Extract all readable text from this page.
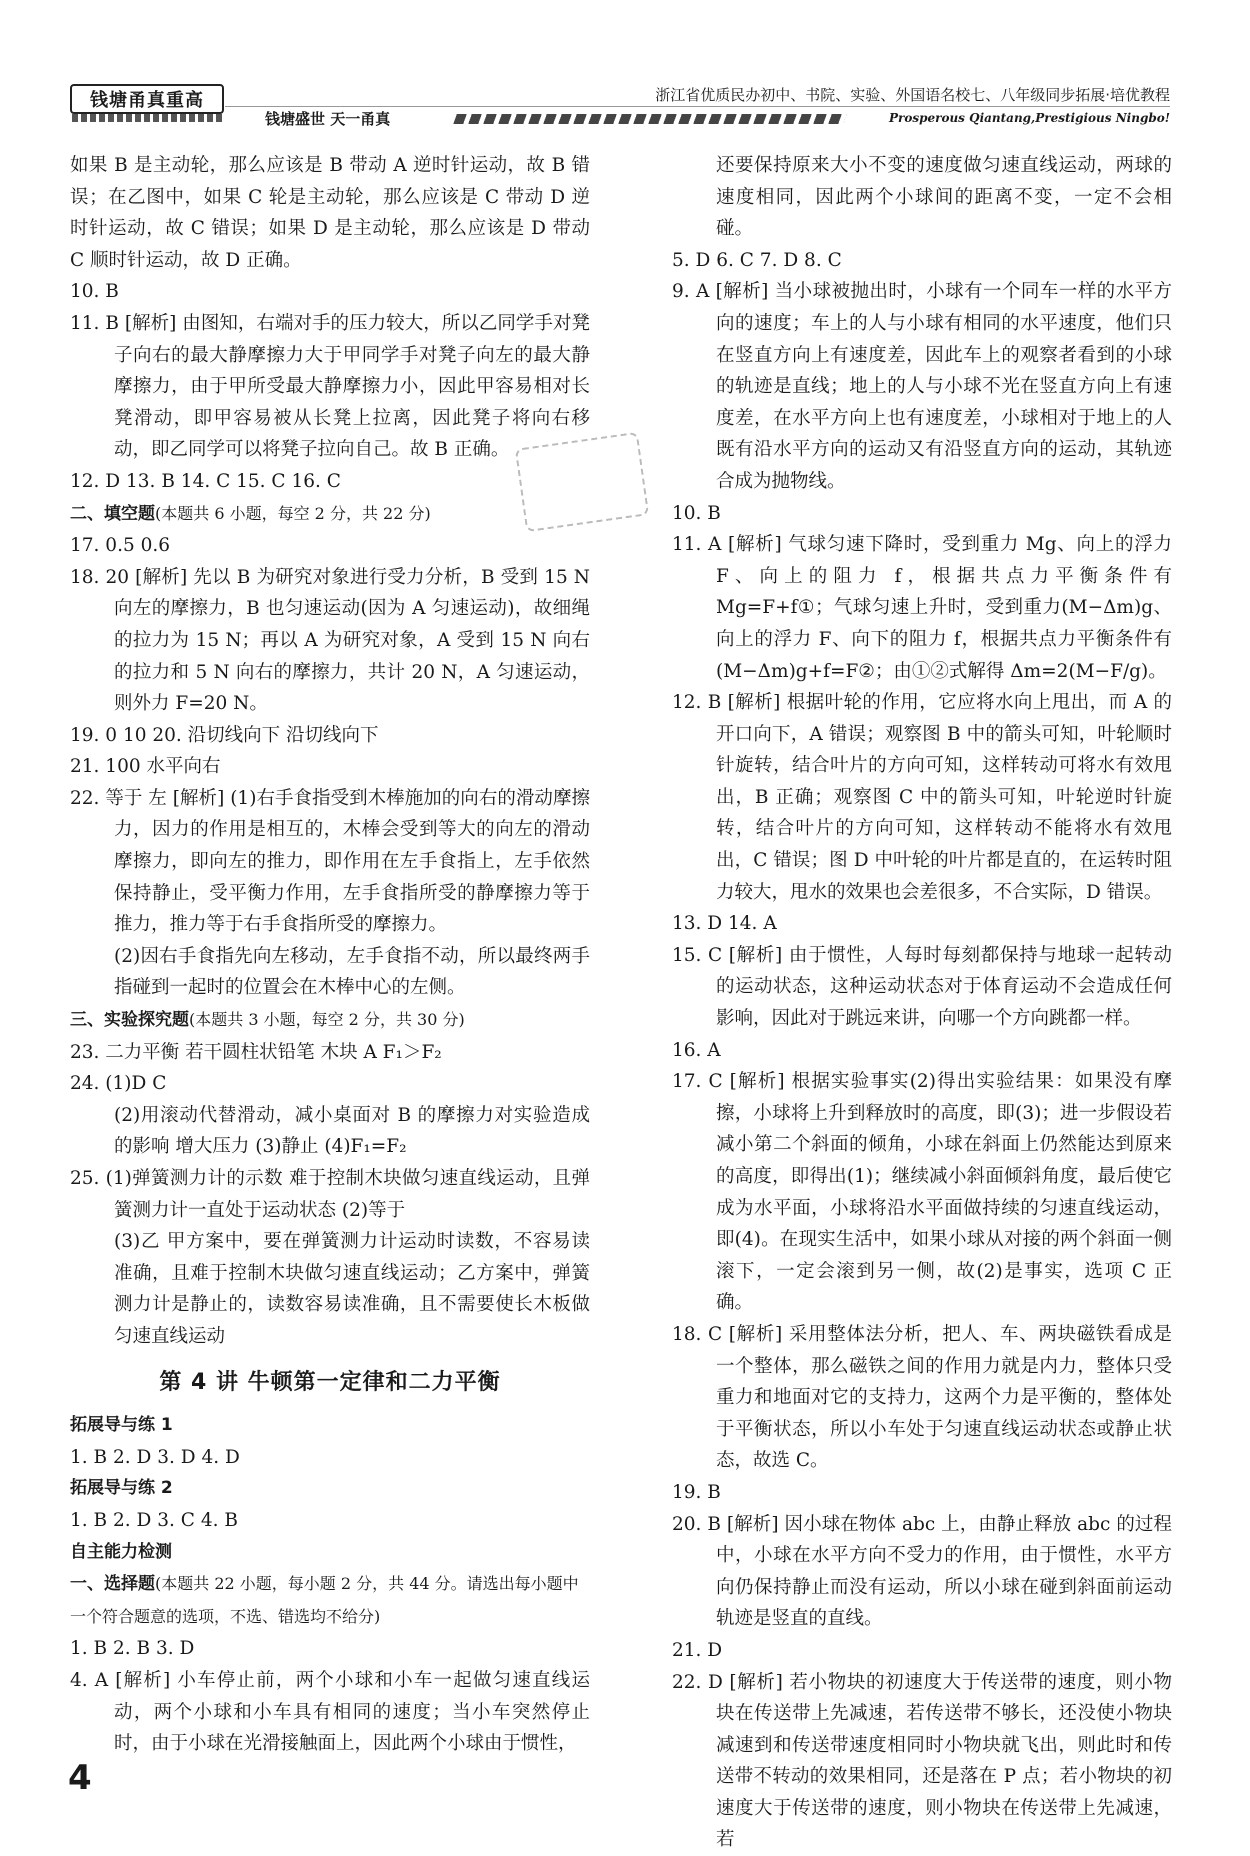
钱塘甬真重高
钱塘盛世 天一甬真
浙江省优质民办初中、书院、实验、外国语名校七、八年级同步拓展·培优教程
Prosperous Qiantang,Prestigious Ningbo!

如果 B 是主动轮，那么应该是 B 带动 A 逆时针运动，故 B 错误；在乙图中，如果 C 轮是主动轮，那么应该是 C 带动 D 逆时针运动，故 C 错误；如果 D 是主动轮，那么应该是 D 带动 C 顺时针运动，故 D 正确。

10. B

11. B [解析] 由图知，右端对手的压力较大，所以乙同学手对凳子向右的最大静摩擦力大于甲同学手对凳子向左的最大静摩擦力，由于甲所受最大静摩擦力小，因此甲容易相对长凳滑动，即甲容易被从长凳上拉离，因此凳子将向右移动，即乙同学可以将凳子拉向自己。故 B 正确。

12. D 13. B 14. C 15. C 16. C

二、填空题(本题共 6 小题，每空 2 分，共 22 分)

17. 0.5 0.6

18. 20 [解析] 先以 B 为研究对象进行受力分析，B 受到 15 N 向左的摩擦力，B 也匀速运动(因为 A 匀速运动)，故细绳的拉力为 15 N；再以 A 为研究对象，A 受到 15 N 向右的拉力和 5 N 向右的摩擦力，共计 20 N，A 匀速运动，则外力 F=20 N。

19. 0 10 20. 沿切线向下 沿切线向下

21. 100 水平向右

22. 等于 左 [解析] (1)右手食指受到木棒施加的向右的滑动摩擦力，因力的作用是相互的，木棒会受到等大的向左的滑动摩擦力，即向左的推力，即作用在左手食指上，左手依然保持静止，受平衡力作用，左手食指所受的静摩擦力等于推力，推力等于右手食指所受的摩擦力。

(2)因右手食指先向左移动，左手食指不动，所以最终两手指碰到一起时的位置会在木棒中心的左侧。

三、实验探究题(本题共 3 小题，每空 2 分，共 30 分)

23. 二力平衡 若干圆柱状铅笔 木块 A F₁＞F₂

24. (1)D C

(2)用滚动代替滑动，减小桌面对 B 的摩擦力对实验造成的影响 增大压力 (3)静止 (4)F₁=F₂

25. (1)弹簧测力计的示数 难于控制木块做匀速直线运动，且弹簧测力计一直处于运动状态 (2)等于

(3)乙 甲方案中，要在弹簧测力计运动时读数，不容易读准确，且难于控制木块做匀速直线运动；乙方案中，弹簧测力计是静止的，读数容易读准确，且不需要使长木板做匀速直线运动

第 4 讲 牛顿第一定律和二力平衡

拓展导与练 1

1. B 2. D 3. D 4. D

拓展导与练 2

1. B 2. D 3. C 4. B

自主能力检测

一、选择题(本题共 22 小题，每小题 2 分，共 44 分。请选出每小题中一个符合题意的选项，不选、错选均不给分)

1. B 2. B 3. D

4. A [解析] 小车停止前，两个小球和小车一起做匀速直线运动，两个小球和小车具有相同的速度；当小车突然停止时，由于小球在光滑接触面上，因此两个小球由于惯性，

还要保持原来大小不变的速度做匀速直线运动，两球的速度相同，因此两个小球间的距离不变，一定不会相碰。

5. D 6. C 7. D 8. C

9. A [解析] 当小球被抛出时，小球有一个同车一样的水平方向的速度；车上的人与小球有相同的水平速度，他们只在竖直方向上有速度差，因此车上的观察者看到的小球的轨迹是直线；地上的人与小球不光在竖直方向上有速度差，在水平方向上也有速度差，小球相对于地上的人既有沿水平方向的运动又有沿竖直方向的运动，其轨迹合成为抛物线。

10. B

11. A [解析] 气球匀速下降时，受到重力 Mg、向上的浮力 F、向上的阻力 f，根据共点力平衡条件有 Mg=F+f①；气球匀速上升时，受到重力(M−Δm)g、向上的浮力 F、向下的阻力 f，根据共点力平衡条件有(M−Δm)g+f=F②；由①②式解得 Δm=2(M−F/g)。

12. B [解析] 根据叶轮的作用，它应将水向上甩出，而 A 的开口向下，A 错误；观察图 B 中的箭头可知，叶轮顺时针旋转，结合叶片的方向可知，这样转动可将水有效甩出，B 正确；观察图 C 中的箭头可知，叶轮逆时针旋转，结合叶片的方向可知，这样转动不能将水有效甩出，C 错误；图 D 中叶轮的叶片都是直的，在运转时阻力较大，甩水的效果也会差很多，不合实际，D 错误。

13. D 14. A

15. C [解析] 由于惯性，人每时每刻都保持与地球一起转动的运动状态，这种运动状态对于体育运动不会造成任何影响，因此对于跳远来讲，向哪一个方向跳都一样。

16. A

17. C [解析] 根据实验事实(2)得出实验结果：如果没有摩擦，小球将上升到释放时的高度，即(3)；进一步假设若减小第二个斜面的倾角，小球在斜面上仍然能达到原来的高度，即得出(1)；继续减小斜面倾斜角度，最后使它成为水平面，小球将沿水平面做持续的匀速直线运动，即(4)。在现实生活中，如果小球从对接的两个斜面一侧滚下，一定会滚到另一侧，故(2)是事实，选项 C 正确。

18. C [解析] 采用整体法分析，把人、车、两块磁铁看成是一个整体，那么磁铁之间的作用力就是内力，整体只受重力和地面对它的支持力，这两个力是平衡的，整体处于平衡状态，所以小车处于匀速直线运动状态或静止状态，故选 C。

19. B

20. B [解析] 因小球在物体 abc 上，由静止释放 abc 的过程中，小球在水平方向不受力的作用，由于惯性，水平方向仍保持静止而没有运动，所以小球在碰到斜面前运动轨迹是竖直的直线。

21. D

22. D [解析] 若小物块的初速度大于传送带的速度，则小物块在传送带上先减速，若传送带不够长，还没使小物块减速到和传送带速度相同时小物块就飞出，则此时和传送带不转动的效果相同，还是落在 P 点；若小物块的初速度大于传送带的速度，则小物块在传送带上先减速，若

4
